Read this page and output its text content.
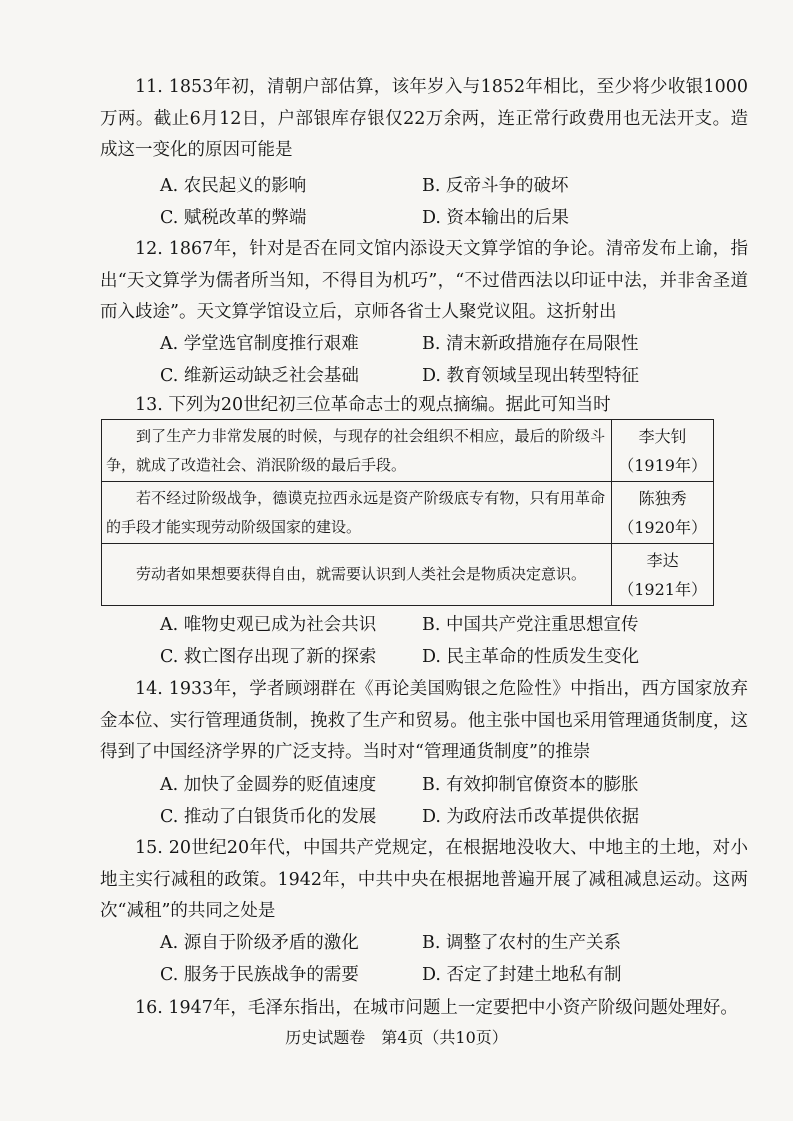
11. 1853年初，清朝户部估算，该年岁入与1852年相比，至少将少收银1000万两。截止6月12日，户部银库存银仅22万余两，连正常行政费用也无法开支。造成这一变化的原因可能是

A. 农民起义的影响	B. 反帝斗争的破坏
C. 赋税改革的弊端	D. 资本输出的后果

12. 1867年，针对是否在同文馆内添设天文算学馆的争论。清帝发布上谕，指出“天文算学为儒者所当知，不得目为机巧”，“不过借西法以印证中法，并非舍圣道而入歧途”。天文算学馆设立后，京师各省士人聚党议阻。这折射出

A. 学堂选官制度推行艰难	B. 清末新政措施存在局限性
C. 维新运动缺乏社会基础	D. 教育领域呈现出转型特征

13. 下列为20世纪初三位革命志士的观点摘编。据此可知当时

到了生产力非常发展的时候，与现存的社会组织不相应，最后的阶级斗争，就成了改造社会、消泯阶级的最后手段。	李大钊
（1919年）

若不经过阶级战争，德谟克拉西永远是资产阶级底专有物，只有用革命的手段才能实现劳动阶级国家的建设。	陈独秀
（1920年）

劳动者如果想要获得自由，就需要认识到人类社会是物质决定意识。	李达
（1921年）
A. 唯物史观已成为社会共识	B. 中国共产党注重思想宣传
C. 救亡图存出现了新的探索	D. 民主革命的性质发生变化

14. 1933年，学者顾翊群在《再论美国购银之危险性》中指出，西方国家放弃金本位、实行管理通货制，挽救了生产和贸易。他主张中国也采用管理通货制度，这得到了中国经济学界的广泛支持。当时对“管理通货制度”的推崇

A. 加快了金圆券的贬值速度	B. 有效抑制官僚资本的膨胀
C. 推动了白银货币化的发展	D. 为政府法币改革提供依据

15. 20世纪20年代，中国共产党规定，在根据地没收大、中地主的土地，对小地主实行减租的政策。1942年，中共中央在根据地普遍开展了减租减息运动。这两次“减租”的共同之处是

A. 源自于阶级矛盾的激化	B. 调整了农村的生产关系
C. 服务于民族战争的需要	D. 否定了封建土地私有制

16. 1947年，毛泽东指出，在城市问题上一定要把中小资产阶级问题处理好。

历史试题卷　第4页（共10页）
